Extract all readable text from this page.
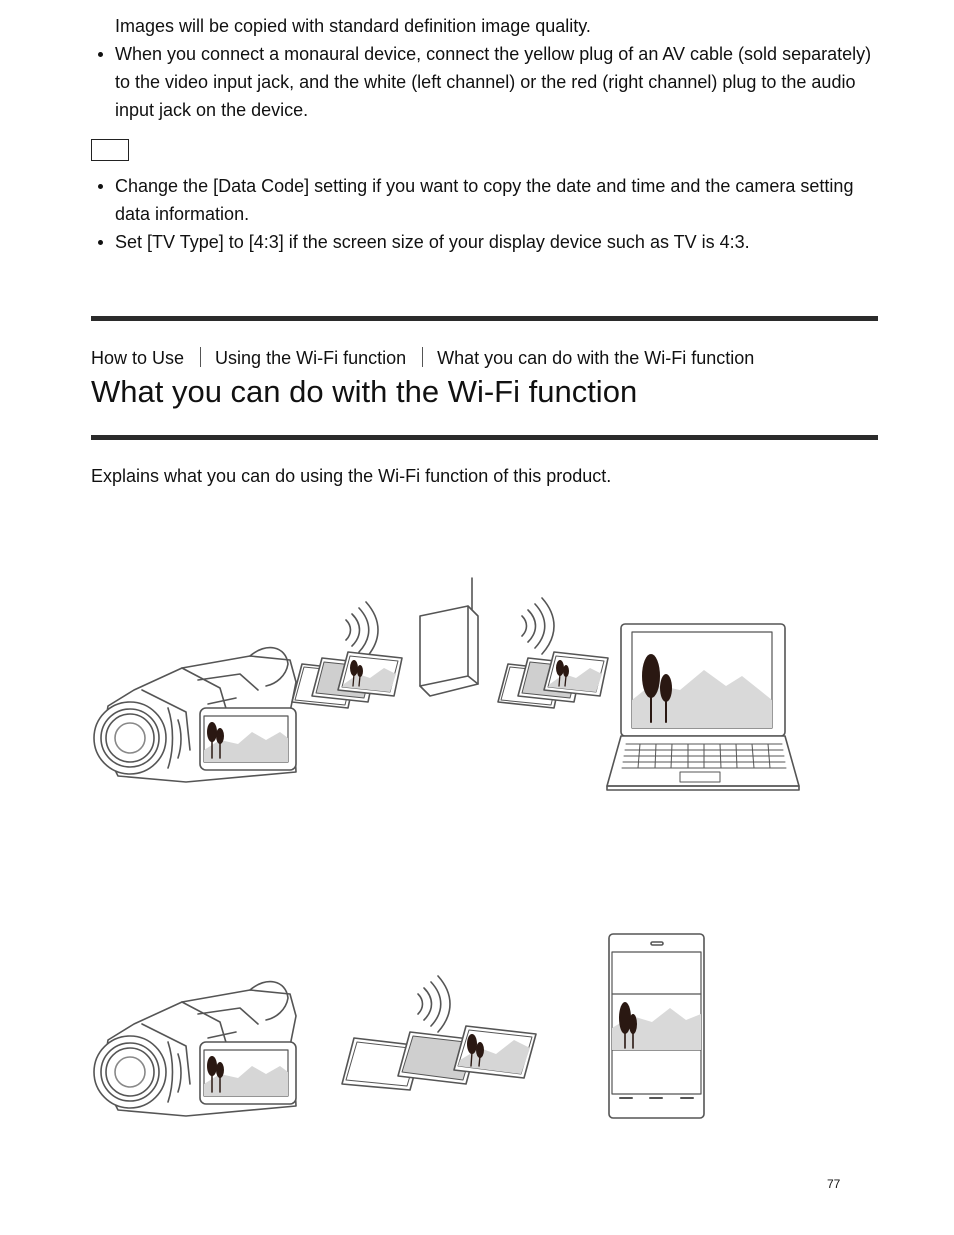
Images will be copied with standard definition image quality.
When you connect a monaural device, connect the yellow plug of an AV cable (sold separately) to the video input jack, and the white (left channel) or the red (right channel) plug to the audio input jack on the device.
Change the [Data Code] setting if you want to copy the date and time and the camera setting data information.
Set [TV Type] to [4:3] if the screen size of your display device such as TV is 4:3.
How to Use Using the Wi-Fi function What you can do with the Wi-Fi function
What you can do with the Wi-Fi function
Explains what you can do using the Wi-Fi function of this product.
77
